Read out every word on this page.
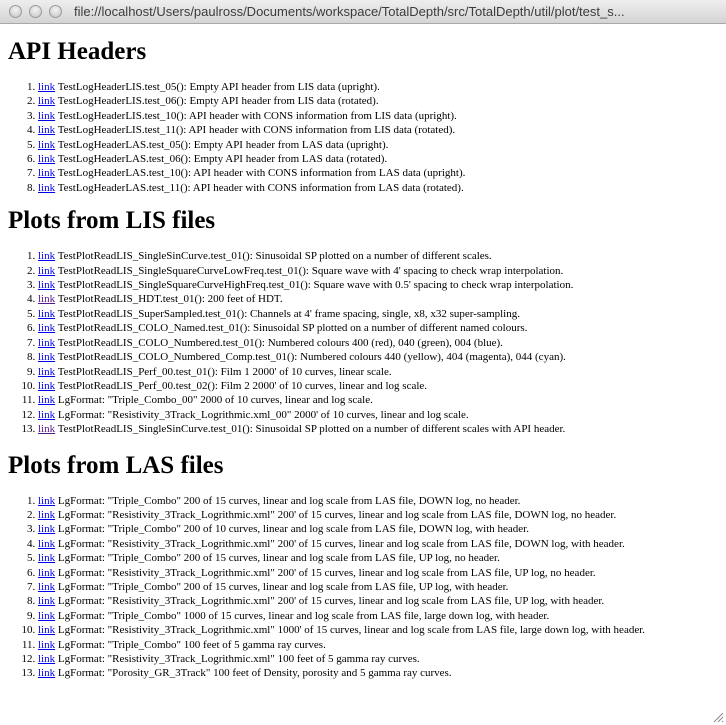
file://localhost/Users/paulross/Documents/workspace/TotalDepth/src/TotalDepth/util/plot/test_s...
API Headers
1. link TestLogHeaderLIS.test_05(): Empty API header from LIS data (upright).
2. link TestLogHeaderLIS.test_06(): Empty API header from LIS data (rotated).
3. link TestLogHeaderLIS.test_10(): API header with CONS information from LIS data (upright).
4. link TestLogHeaderLIS.test_11(): API header with CONS information from LIS data (rotated).
5. link TestLogHeaderLAS.test_05(): Empty API header from LAS data (upright).
6. link TestLogHeaderLAS.test_06(): Empty API header from LAS data (rotated).
7. link TestLogHeaderLAS.test_10(): API header with CONS information from LAS data (upright).
8. link TestLogHeaderLAS.test_11(): API header with CONS information from LAS data (rotated).
Plots from LIS files
1. link TestPlotReadLIS_SingleSinCurve.test_01(): Sinusoidal SP plotted on a number of different scales.
2. link TestPlotReadLIS_SingleSquareCurveLowFreq.test_01(): Square wave with 4' spacing to check wrap interpolation.
3. link TestPlotReadLIS_SingleSquareCurveHighFreq.test_01(): Square wave with 0.5' spacing to check wrap interpolation.
4. link TestPlotReadLIS_HDT.test_01(): 200 feet of HDT.
5. link TestPlotReadLIS_SuperSampled.test_01(): Channels at 4' frame spacing, single, x8, x32 super-sampling.
6. link TestPlotReadLIS_COLO_Named.test_01(): Sinusoidal SP plotted on a number of different named colours.
7. link TestPlotReadLIS_COLO_Numbered.test_01(): Numbered colours 400 (red), 040 (green), 004 (blue).
8. link TestPlotReadLIS_COLO_Numbered_Comp.test_01(): Numbered colours 440 (yellow), 404 (magenta), 044 (cyan).
9. link TestPlotReadLIS_Perf_00.test_01(): Film 1 2000' of 10 curves, linear scale.
10. link TestPlotReadLIS_Perf_00.test_02(): Film 2 2000' of 10 curves, linear and log scale.
11. link LgFormat: "Triple_Combo_00" 2000 of 10 curves, linear and log scale.
12. link LgFormat: "Resistivity_3Track_Logrithmic.xml_00" 2000' of 10 curves, linear and log scale.
13. link TestPlotReadLIS_SingleSinCurve.test_01(): Sinusoidal SP plotted on a number of different scales with API header.
Plots from LAS files
1. link LgFormat: "Triple_Combo" 200 of 15 curves, linear and log scale from LAS file, DOWN log, no header.
2. link LgFormat: "Resistivity_3Track_Logrithmic.xml" 200' of 15 curves, linear and log scale from LAS file, DOWN log, no header.
3. link LgFormat: "Triple_Combo" 200 of 10 curves, linear and log scale from LAS file, DOWN log, with header.
4. link LgFormat: "Resistivity_3Track_Logrithmic.xml" 200' of 15 curves, linear and log scale from LAS file, DOWN log, with header.
5. link LgFormat: "Triple_Combo" 200 of 15 curves, linear and log scale from LAS file, UP log, no header.
6. link LgFormat: "Resistivity_3Track_Logrithmic.xml" 200' of 15 curves, linear and log scale from LAS file, UP log, no header.
7. link LgFormat: "Triple_Combo" 200 of 15 curves, linear and log scale from LAS file, UP log, with header.
8. link LgFormat: "Resistivity_3Track_Logrithmic.xml" 200' of 15 curves, linear and log scale from LAS file, UP log, with header.
9. link LgFormat: "Triple_Combo" 1000 of 15 curves, linear and log scale from LAS file, large down log, with header.
10. link LgFormat: "Resistivity_3Track_Logrithmic.xml" 1000' of 15 curves, linear and log scale from LAS file, large down log, with header.
11. link LgFormat: "Triple_Combo" 100 feet of 5 gamma ray curves.
12. link LgFormat: "Resistivity_3Track_Logrithmic.xml" 100 feet of 5 gamma ray curves.
13. link LgFormat: "Porosity_GR_3Track" 100 feet of Density, porosity and 5 gamma ray curves.
